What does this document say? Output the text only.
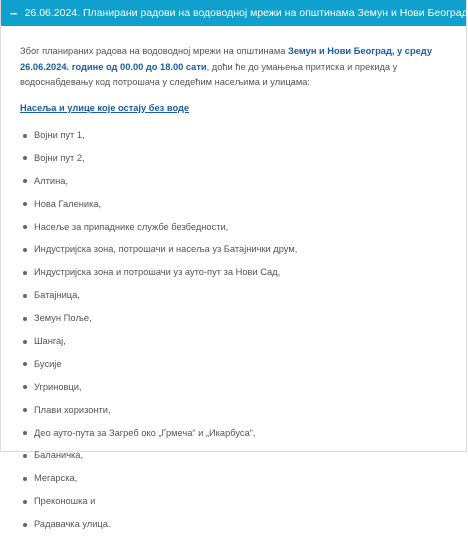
− 26.06.2024. Планирани радови на водоводној мрежи на општинама Земун и Нови Београд

Због планираних радова на водоводној мрежи на општинама Земун и Нови Београд, у среду 26.06.2024. године од 00.00 до 18.00 сати, доћи ће до умањења притиска и прекида у водоснабдевању код потрошача у следећим насељима и улицама:

Насеља и улице које остају без воде
Војни пут 1,
Војни пут 2,
Алтина,
Нова Галеника,
Насеље за припаднике службе безбедности,
Индустријска зона, потрошачи и насеља уз Батајнички друм,
Индустријска зона и потрошачи уз ауто-пут за Нови Сад,
Батајница,
Земун Поље,
Шангај,
Бусије
Угриновци,
Плави хоризонти,
Део ауто-пута за Загреб око „Грмеча“ и „Икарбуса“,
Баланичка,
Мегарска,
Преконошка и
Радавачка улица.
